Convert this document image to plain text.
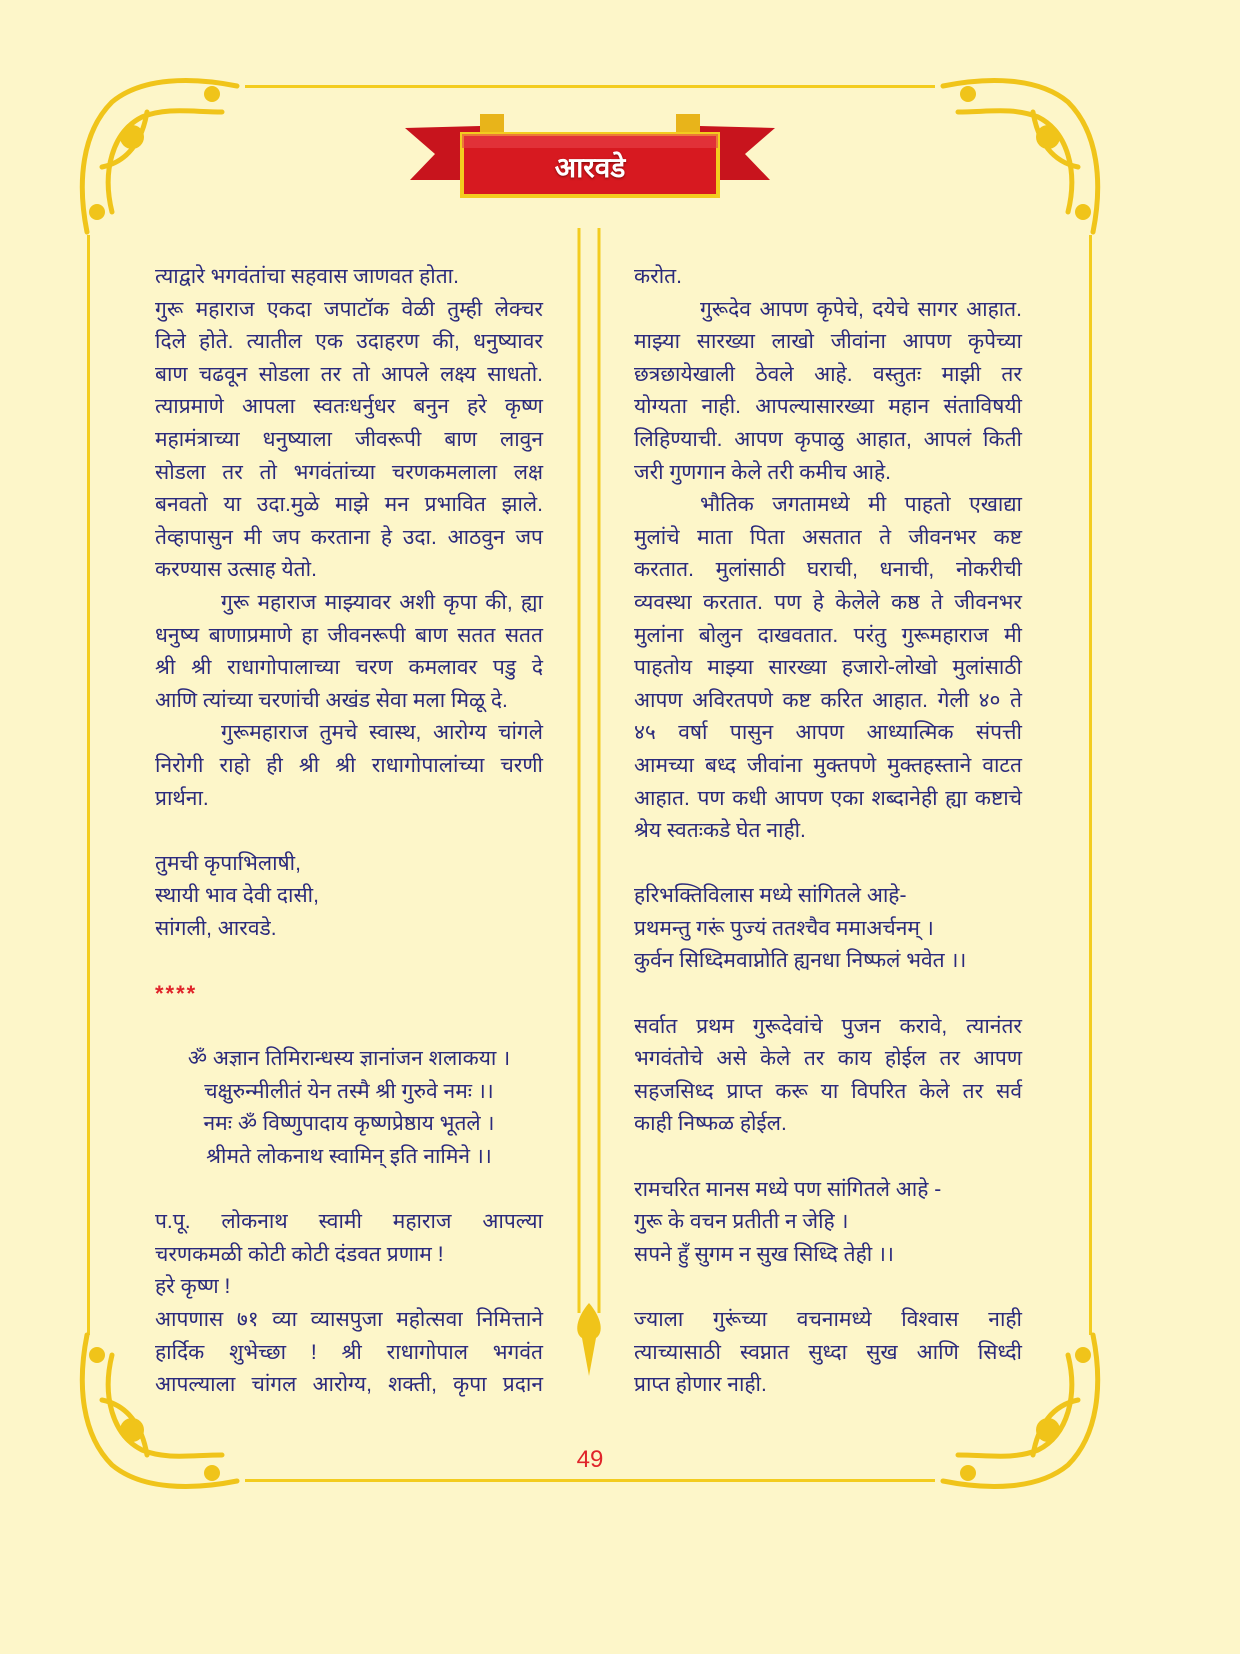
आरवडे
त्याद्वारे भगवंतांचा सहवास जाणवत होता.
गुरू महाराज एकदा जपाटॉक वेळी तुम्ही लेक्चर
दिले होते. त्यातील एक उदाहरण की, धनुष्यावर
बाण चढवून सोडला तर तो आपले लक्ष्य साधतो.
त्याप्रमाणे आपला स्वतःधर्नुधर बनुन हरे कृष्ण
महामंत्राच्या धनुष्याला जीवरूपी बाण लावुन
सोडला तर तो भगवंतांच्या चरणकमलाला लक्ष
बनवतो या उदा.मुळे माझे मन प्रभावित झाले.
तेव्हापासुन मी जप करताना हे उदा. आठवुन जप
करण्यास उत्साह येतो.
गुरू महाराज माझ्यावर अशी कृपा की, ह्या
धनुष्य बाणाप्रमाणे हा जीवनरूपी बाण सतत सतत
श्री श्री राधागोपालाच्या चरण कमलावर पडु दे
आणि त्यांच्या चरणांची अखंड सेवा मला मिळू दे.
गुरूमहाराज तुमचे स्वास्थ, आरोग्य चांगले
निरोगी राहो ही श्री श्री राधागोपालांच्या चरणी
प्रार्थना.
तुमची कृपाभिलाषी,
स्थायी भाव देवी दासी,
सांगली, आरवडे.
****
ॐ अज्ञान तिमिरान्धस्य ज्ञानांजन शलाकया ।
चक्षुरुन्मीलीतं येन तस्मै श्री गुरुवे नमः ।।
नमः ॐ विष्णुपादाय कृष्णप्रेष्ठाय भूतले ।
श्रीमते लोकनाथ स्वामिन् इति नामिने ।।
प.पू. लोकनाथ स्वामी महाराज आपल्या
चरणकमळी कोटी कोटी दंडवत प्रणाम !
हरे कृष्ण !
आपणास ७१ व्या व्यासपुजा महोत्सवा निमित्ताने
हार्दिक शुभेच्छा ! श्री राधागोपाल भगवंत
आपल्याला चांगल आरोग्य, शक्ती, कृपा प्रदान
करोत.
गुरूदेव आपण कृपेचे, दयेचे सागर आहात.
माझ्या सारख्या लाखो जीवांना आपण कृपेच्या
छत्रछायेखाली ठेवले आहे. वस्तुतः माझी तर
योग्यता नाही. आपल्यासारख्या महान संताविषयी
लिहिण्याची. आपण कृपाळु आहात, आपलं किती
जरी गुणगान केले तरी कमीच आहे.
भौतिक जगतामध्ये मी पाहतो एखाद्या
मुलांचे माता पिता असतात ते जीवनभर कष्ट
करतात. मुलांसाठी घराची, धनाची, नोकरीची
व्यवस्था करतात. पण हे केलेले कष्ठ ते जीवनभर
मुलांना बोलुन दाखवतात. परंतु गुरूमहाराज मी
पाहतोय माझ्या सारख्या हजारो-लोखो मुलांसाठी
आपण अविरतपणे कष्ट करित आहात. गेली ४० ते
४५ वर्षा पासुन आपण आध्यात्मिक संपत्ती
आमच्या बध्द जीवांना मुक्तपणे मुक्तहस्ताने वाटत
आहात. पण कधी आपण एका शब्दानेही ह्या कष्टाचे
श्रेय स्वतःकडे घेत नाही.
हरिभक्तिविलास मध्ये सांगितले आहे-
प्रथमन्तु गरूं पुज्यं ततश्चैव ममाअर्चनम् ।
कुर्वन सिध्दिमवाप्नोति ह्यनधा निष्फलं भवेत ।।
सर्वात प्रथम गुरूदेवांचे पुजन करावे, त्यानंतर
भगवंतोचे असे केले तर काय होईल तर आपण
सहजसिध्द प्राप्त करू या विपरित केले तर सर्व
काही निष्फळ होईल.
रामचरित मानस मध्ये पण सांगितले आहे -
गुरू के वचन प्रतीती न जेहि ।
सपने हुँ सुगम न सुख सिध्दि तेही ।।
ज्याला गुरूंच्या वचनामध्ये विश्वास नाही
त्याच्यासाठी स्वप्नात सुध्दा सुख आणि सिध्दी
प्राप्त होणार नाही.
49
